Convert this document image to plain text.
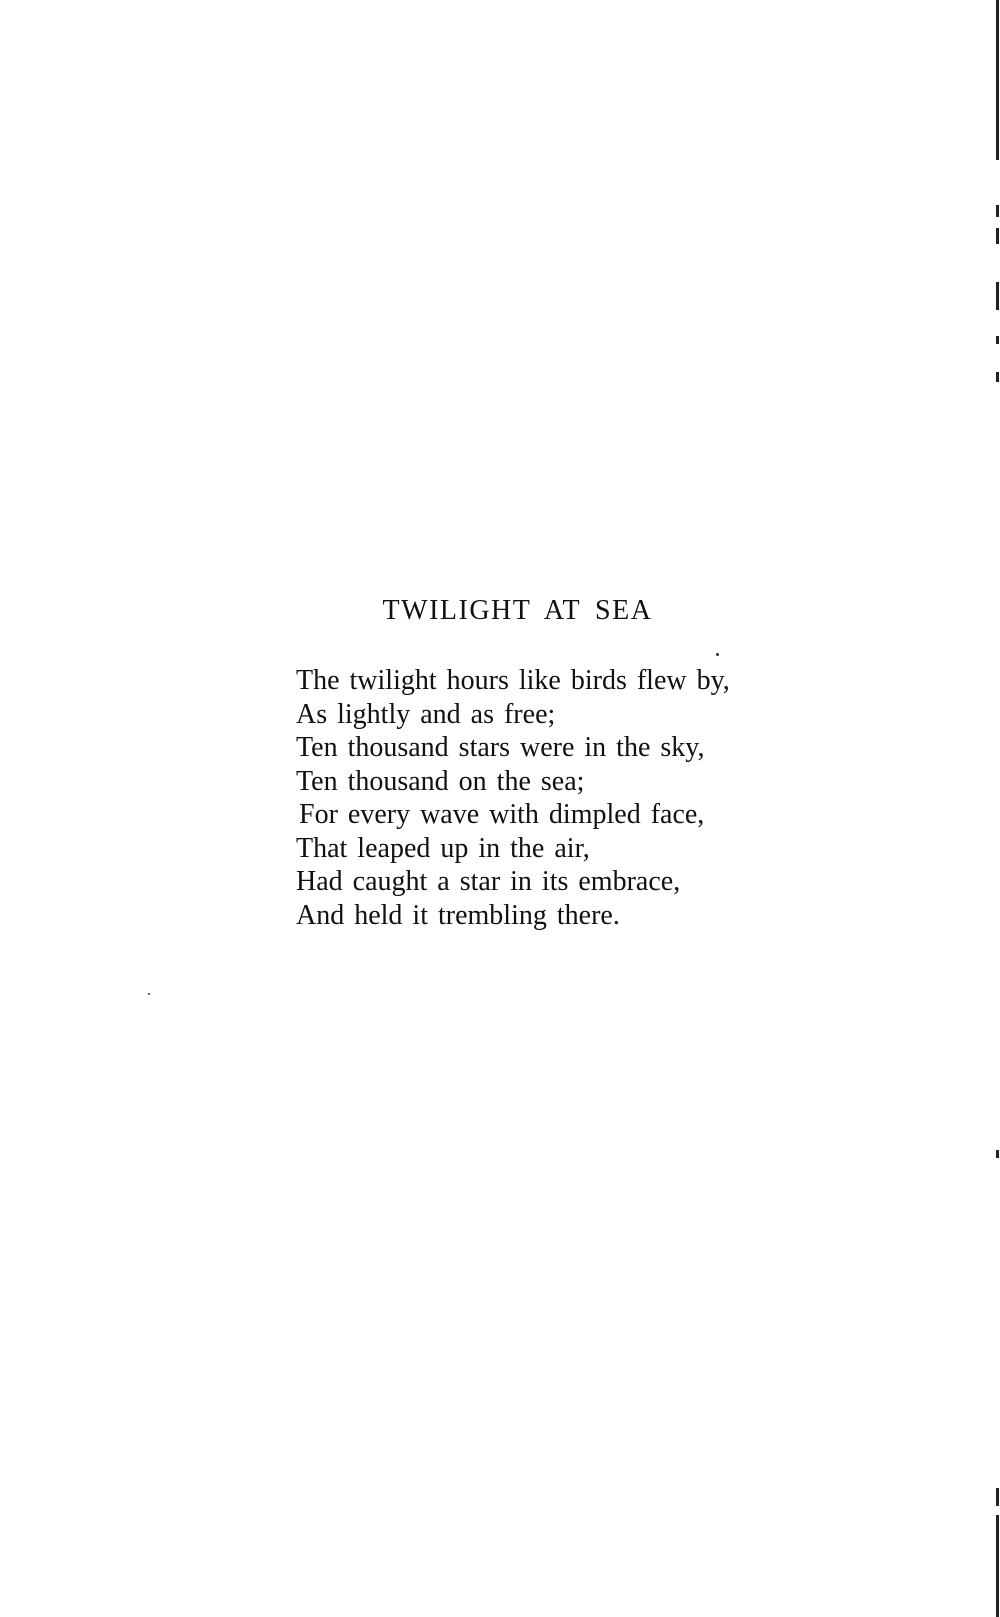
TWILIGHT AT SEA
The twilight hours like birds flew by,
As lightly and as free;
Ten thousand stars were in the sky,
Ten thousand on the sea;
For every wave with dimpled face,
That leaped up in the air,
Had caught a star in its embrace,
And held it trembling there.
